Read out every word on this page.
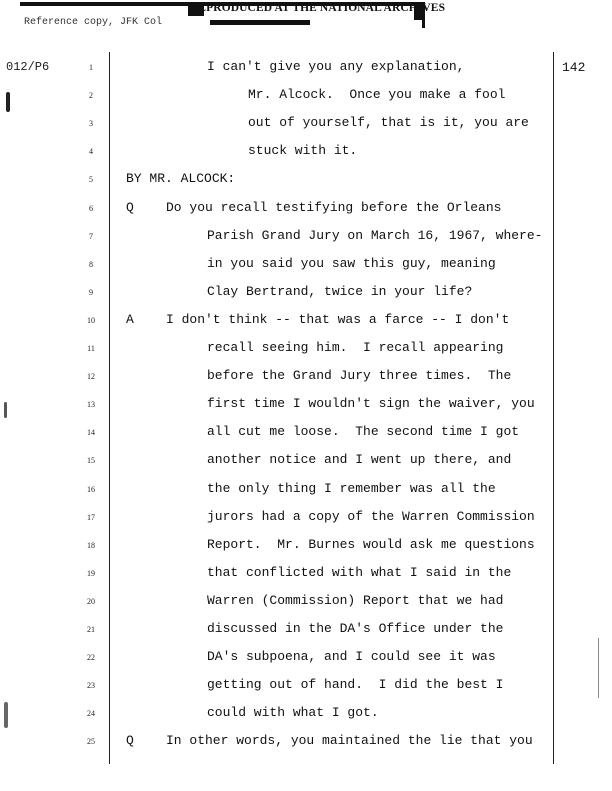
REPRODUCED AT THE NATIONAL ARCHIVES
Reference copy, JFK Col
012/P6	142
1	I can't give you any explanation,
2	Mr. Alcock.  Once you make a fool
3	out of yourself, that is it, you are
4	stuck with it.
5	BY MR. ALCOCK:
6	Q Do you recall testifying before the Orleans
7	Parish Grand Jury on March 16, 1967, where-
8	in you said you saw this guy, meaning
9	Clay Bertrand, twice in your life?
10	A I don't think -- that was a farce -- I don't
11	recall seeing him.  I recall appearing
12	before the Grand Jury three times.  The
13	first time I wouldn't sign the waiver, you
14	all cut me loose.  The second time I got
15	another notice and I went up there, and
16	the only thing I remember was all the
17	jurors had a copy of the Warren Commission
18	Report.  Mr. Burnes would ask me questions
19	that conflicted with what I said in the
20	Warren (Commission) Report that we had
21	discussed in the DA's Office under the
22	DA's subpoena, and I could see it was
23	getting out of hand.  I did the best I
24	could with what I got.
25	Q In other words, you maintained the lie that you
